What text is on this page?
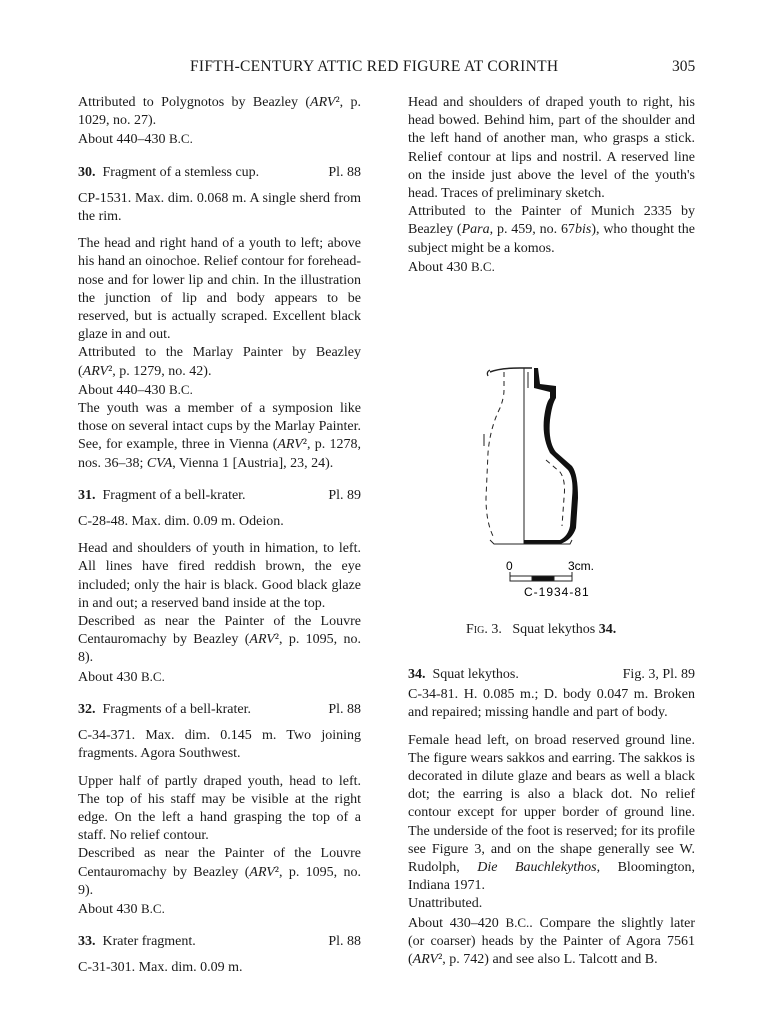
FIFTH-CENTURY ATTIC RED FIGURE AT CORINTH	305

Attributed to Polygnotos by Beazley (ARV², p. 1029, no. 27).

About 440–430 B.C.

30. Fragment of a stemless cup.	Pl. 88

CP-1531. Max. dim. 0.068 m. A single sherd from the rim.

The head and right hand of a youth to left; above his hand an oinochoe. Relief contour for forehead-nose and for lower lip and chin. In the illustration the junction of lip and body appears to be reserved, but is actually scraped. Excellent black glaze in and out.

Attributed to the Marlay Painter by Beazley (ARV², p. 1279, no. 42).

About 440–430 B.C.

The youth was a member of a symposion like those on several intact cups by the Marlay Painter. See, for example, three in Vienna (ARV², p. 1278, nos. 36–38; CVA, Vienna 1 [Austria], 23, 24).

31. Fragment of a bell-krater.	Pl. 89

C-28-48. Max. dim. 0.09 m. Odeion.

Head and shoulders of youth in himation, to left. All lines have fired reddish brown, the eye included; only the hair is black. Good black glaze in and out; a reserved band inside at the top.

Described as near the Painter of the Louvre Centauromachy by Beazley (ARV², p. 1095, no. 8).

About 430 B.C.

32. Fragments of a bell-krater.	Pl. 88

C-34-371. Max. dim. 0.145 m. Two joining fragments. Agora Southwest.

Upper half of partly draped youth, head to left. The top of his staff may be visible at the right edge. On the left a hand grasping the top of a staff. No relief contour.

Described as near the Painter of the Louvre Centauromachy by Beazley (ARV², p. 1095, no. 9).

About 430 B.C.

33. Krater fragment.	Pl. 88

C-31-301. Max. dim. 0.09 m.

Head and shoulders of draped youth to right, his head bowed. Behind him, part of the shoulder and the left hand of another man, who grasps a stick. Relief contour at lips and nostril. A reserved line on the inside just above the level of the youth's head. Traces of preliminary sketch.

Attributed to the Painter of Munich 2335 by Beazley (Para, p. 459, no. 67bis), who thought the subject might be a komos.

About 430 B.C.

0	3cm.
C-1934-81
Fig. 3. Squat lekythos 34.
34. Squat lekythos.	Fig. 3, Pl. 89

C-34-81. H. 0.085 m.; D. body 0.047 m. Broken and repaired; missing handle and part of body.

Female head left, on broad reserved ground line. The figure wears sakkos and earring. The sakkos is decorated in dilute glaze and bears as well a black dot; the earring is also a black dot. No relief contour except for upper border of ground line. The underside of the foot is reserved; for its profile see Figure 3, and on the shape generally see W. Rudolph, Die Bauchlekythos, Bloomington, Indiana 1971.

Unattributed.

About 430–420 B.C.. Compare the slightly later (or coarser) heads by the Painter of Agora 7561 (ARV², p. 742) and see also L. Talcott and B.
